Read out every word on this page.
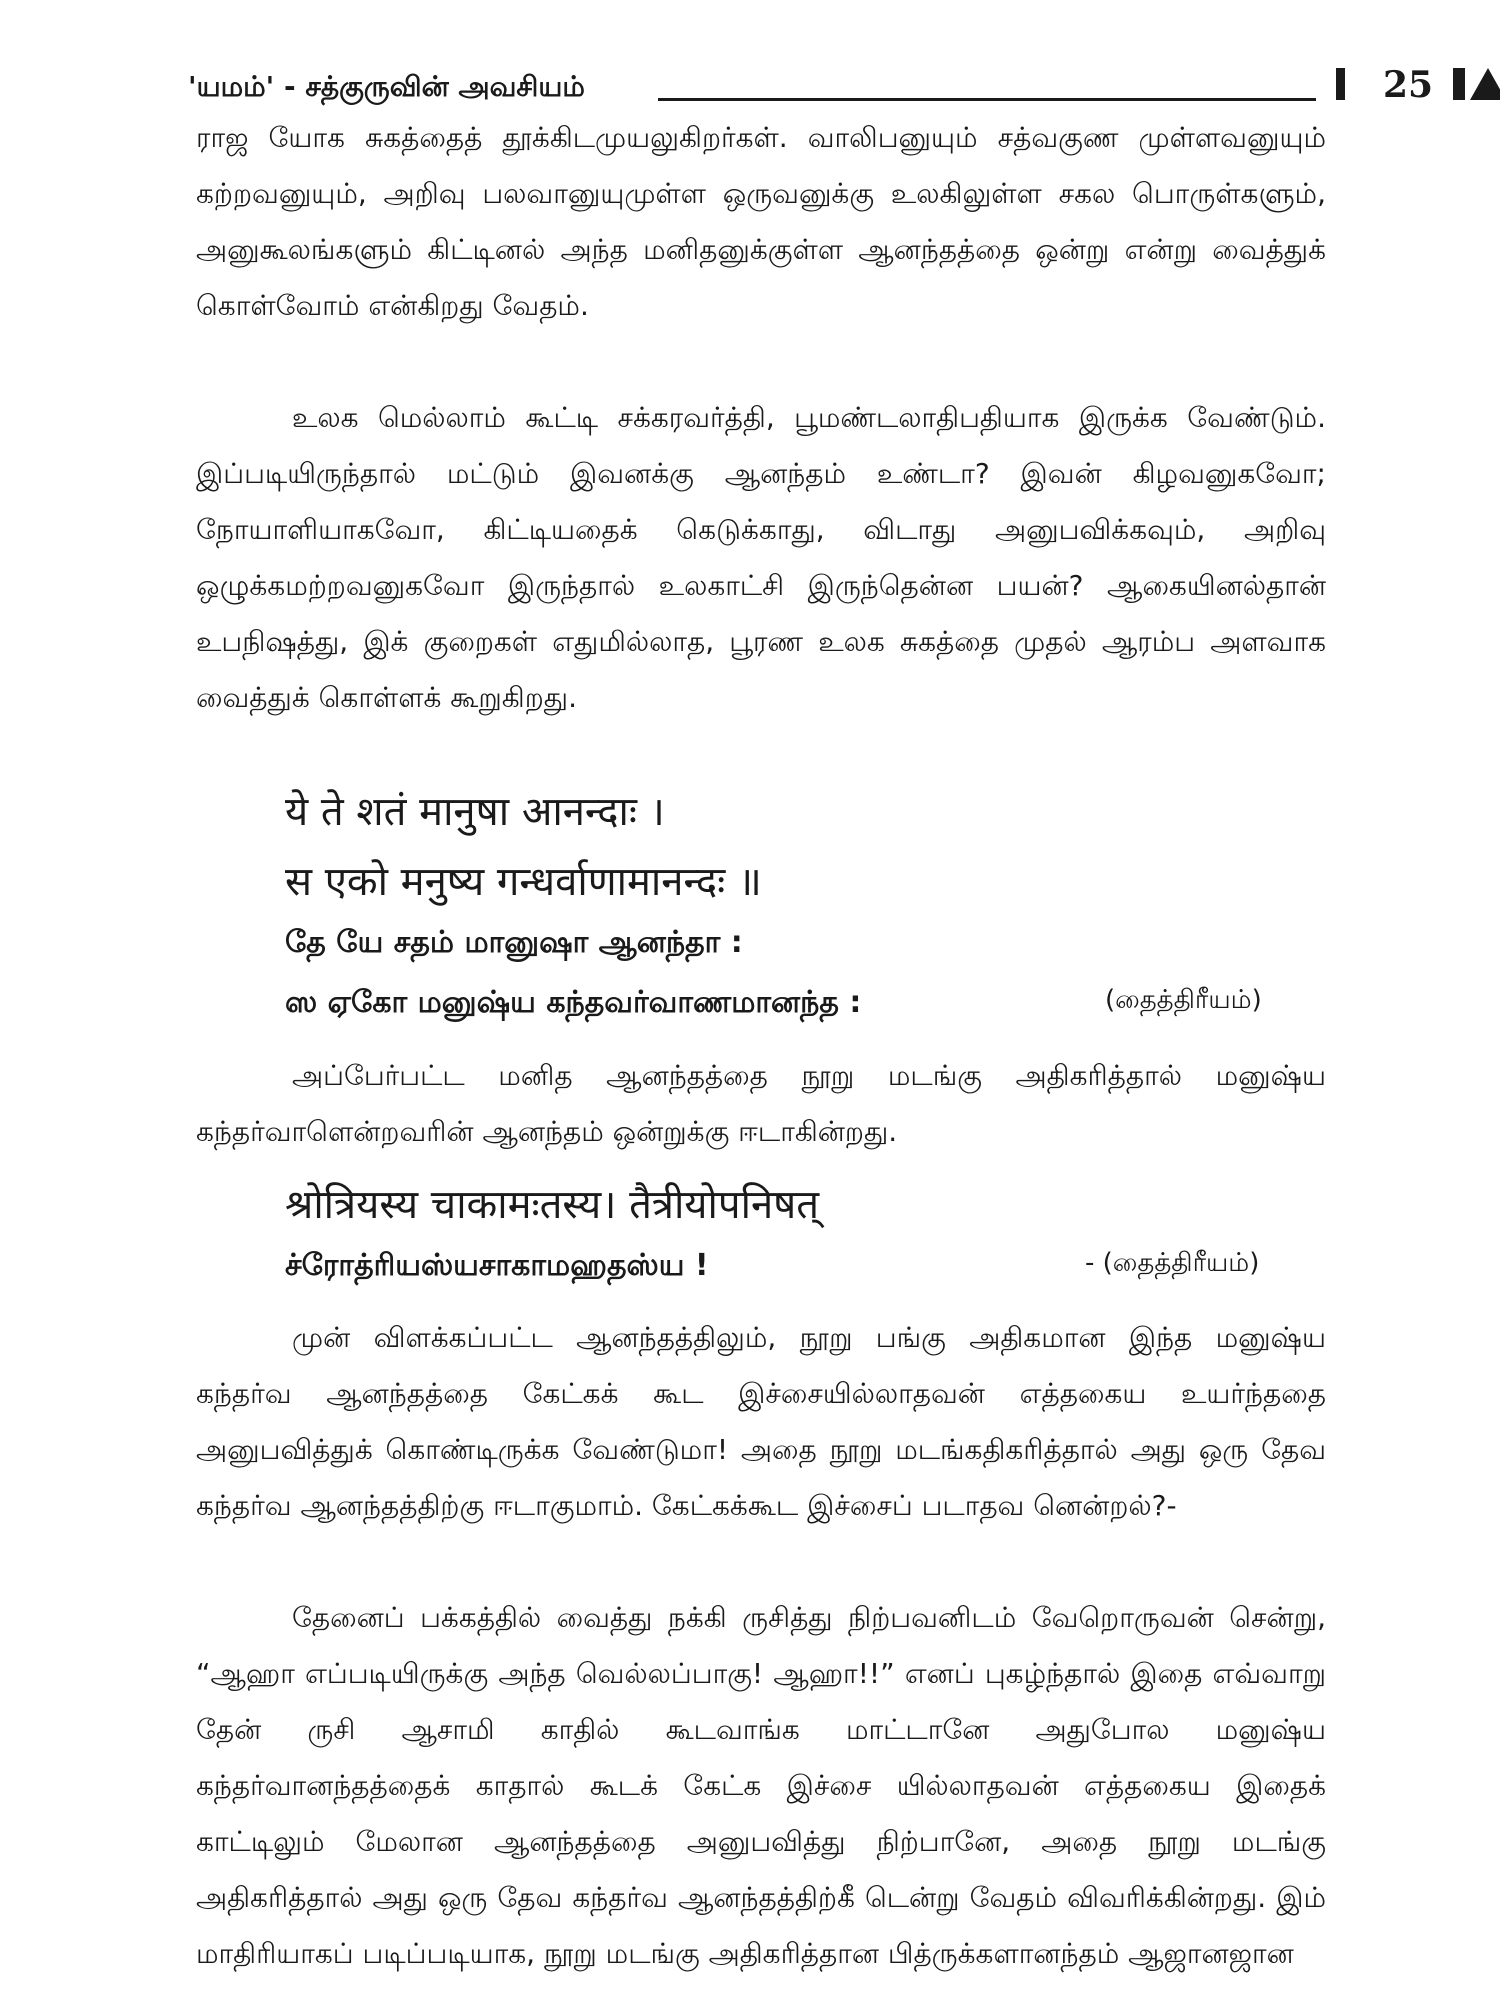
'யமம்' - சத்குருவின் அவசியம்	25

ராஜ யோக சுகத்தைத் தூக்கிடமுயலுகிறர்கள். வாலிபனுயும் சத்வகுண முள்ளவனுயும் கற்றவனுயும், அறிவு பலவானுயுமுள்ள ஒருவனுக்கு உலகிலுள்ள சகல பொருள்களும், அனுகூலங்களும் கிட்டினல் அந்த மனிதனுக்குள்ள ஆனந்தத்தை ஒன்று என்று வைத்துக் கொள்வோம் என்கிறது வேதம்.

உலக மெல்லாம் கூட்டி சக்கரவர்த்தி, பூமண்டலாதிபதியாக இருக்க வேண்டும். இப்படியிருந்தால் மட்டும் இவனக்கு ஆனந்தம் உண்டா? இவன் கிழவனுகவோ; நோயாளியாகவோ, கிட்டியதைக் கெடுக்காது, விடாது அனுபவிக்கவும், அறிவு ஒழுக்கமற்றவனுகவோ இருந்தால் உலகாட்சி இருந்தென்ன பயன்? ஆகையினல்தான் உபநிஷத்து, இக் குறைகள் எதுமில்லாத, பூரண உலக சுகத்தை முதல் ஆரம்ப அளவாக வைத்துக் கொள்ளக் கூறுகிறது.

ये ते शतं मानुषा आनन्दाः ।
स एको मनुष्य गन्धर्वाणामानन्दः ॥
தே யே சதம் மானுஷா ஆனந்தா :
ஸ ஏகோ மனுஷ்ய கந்தவர்வாணமானந்த :	(தைத்திரீயம்)

அப்பேர்பட்ட மனித ஆனந்தத்தை நூறு மடங்கு அதிகரித்தால் மனுஷ்ய கந்தர்வாளென்றவரின் ஆனந்தம் ஒன்றுக்கு ஈடாகின்றது.

श्रोत्रियस्य चाकामःतस्य। तैत्रीयोपनिषत्
ச்ரோத்ரியஸ்யசாகாமஹதஸ்ய !	- (தைத்திரீயம்)

முன் விளக்கப்பட்ட ஆனந்தத்திலும், நூறு பங்கு அதிகமான இந்த மனுஷ்ய கந்தர்வ ஆனந்தத்தை கேட்கக் கூட இச்சையில்லாதவன் எத்தகைய உயர்ந்ததை அனுபவித்துக் கொண்டிருக்க வேண்டுமா! அதை நூறு மடங்கதிகரித்தால் அது ஒரு தேவ கந்தர்வ ஆனந்தத்திற்கு ஈடாகுமாம். கேட்கக்கூட இச்சைப் படாதவ னென்றல்?-

தேனைப் பக்கத்தில் வைத்து நக்கி ருசித்து நிற்பவனிடம் வேறொருவன் சென்று, “ஆஹா எப்படியிருக்கு அந்த வெல்லப்பாகு! ஆஹா!!” எனப் புகழ்ந்தால் இதை எவ்வாறு தேன் ருசி ஆசாமி காதில் கூடவாங்க மாட்டானே அதுபோல மனுஷ்ய கந்தர்வானந்தத்தைக் காதால் கூடக் கேட்க இச்சை யில்லாதவன் எத்தகைய இதைக் காட்டிலும் மேலான ஆனந்தத்தை அனுபவித்து நிற்பானே, அதை நூறு மடங்கு அதிகரித்தால் அது ஒரு தேவ கந்தர்வ ஆனந்தத்திற்கீ டென்று வேதம் விவரிக்கின்றது. இம் மாதிரியாகப் படிப்படியாக, நூறு மடங்கு அதிகரித்தான பித்ருக்களானந்தம் ஆஜானஜான
